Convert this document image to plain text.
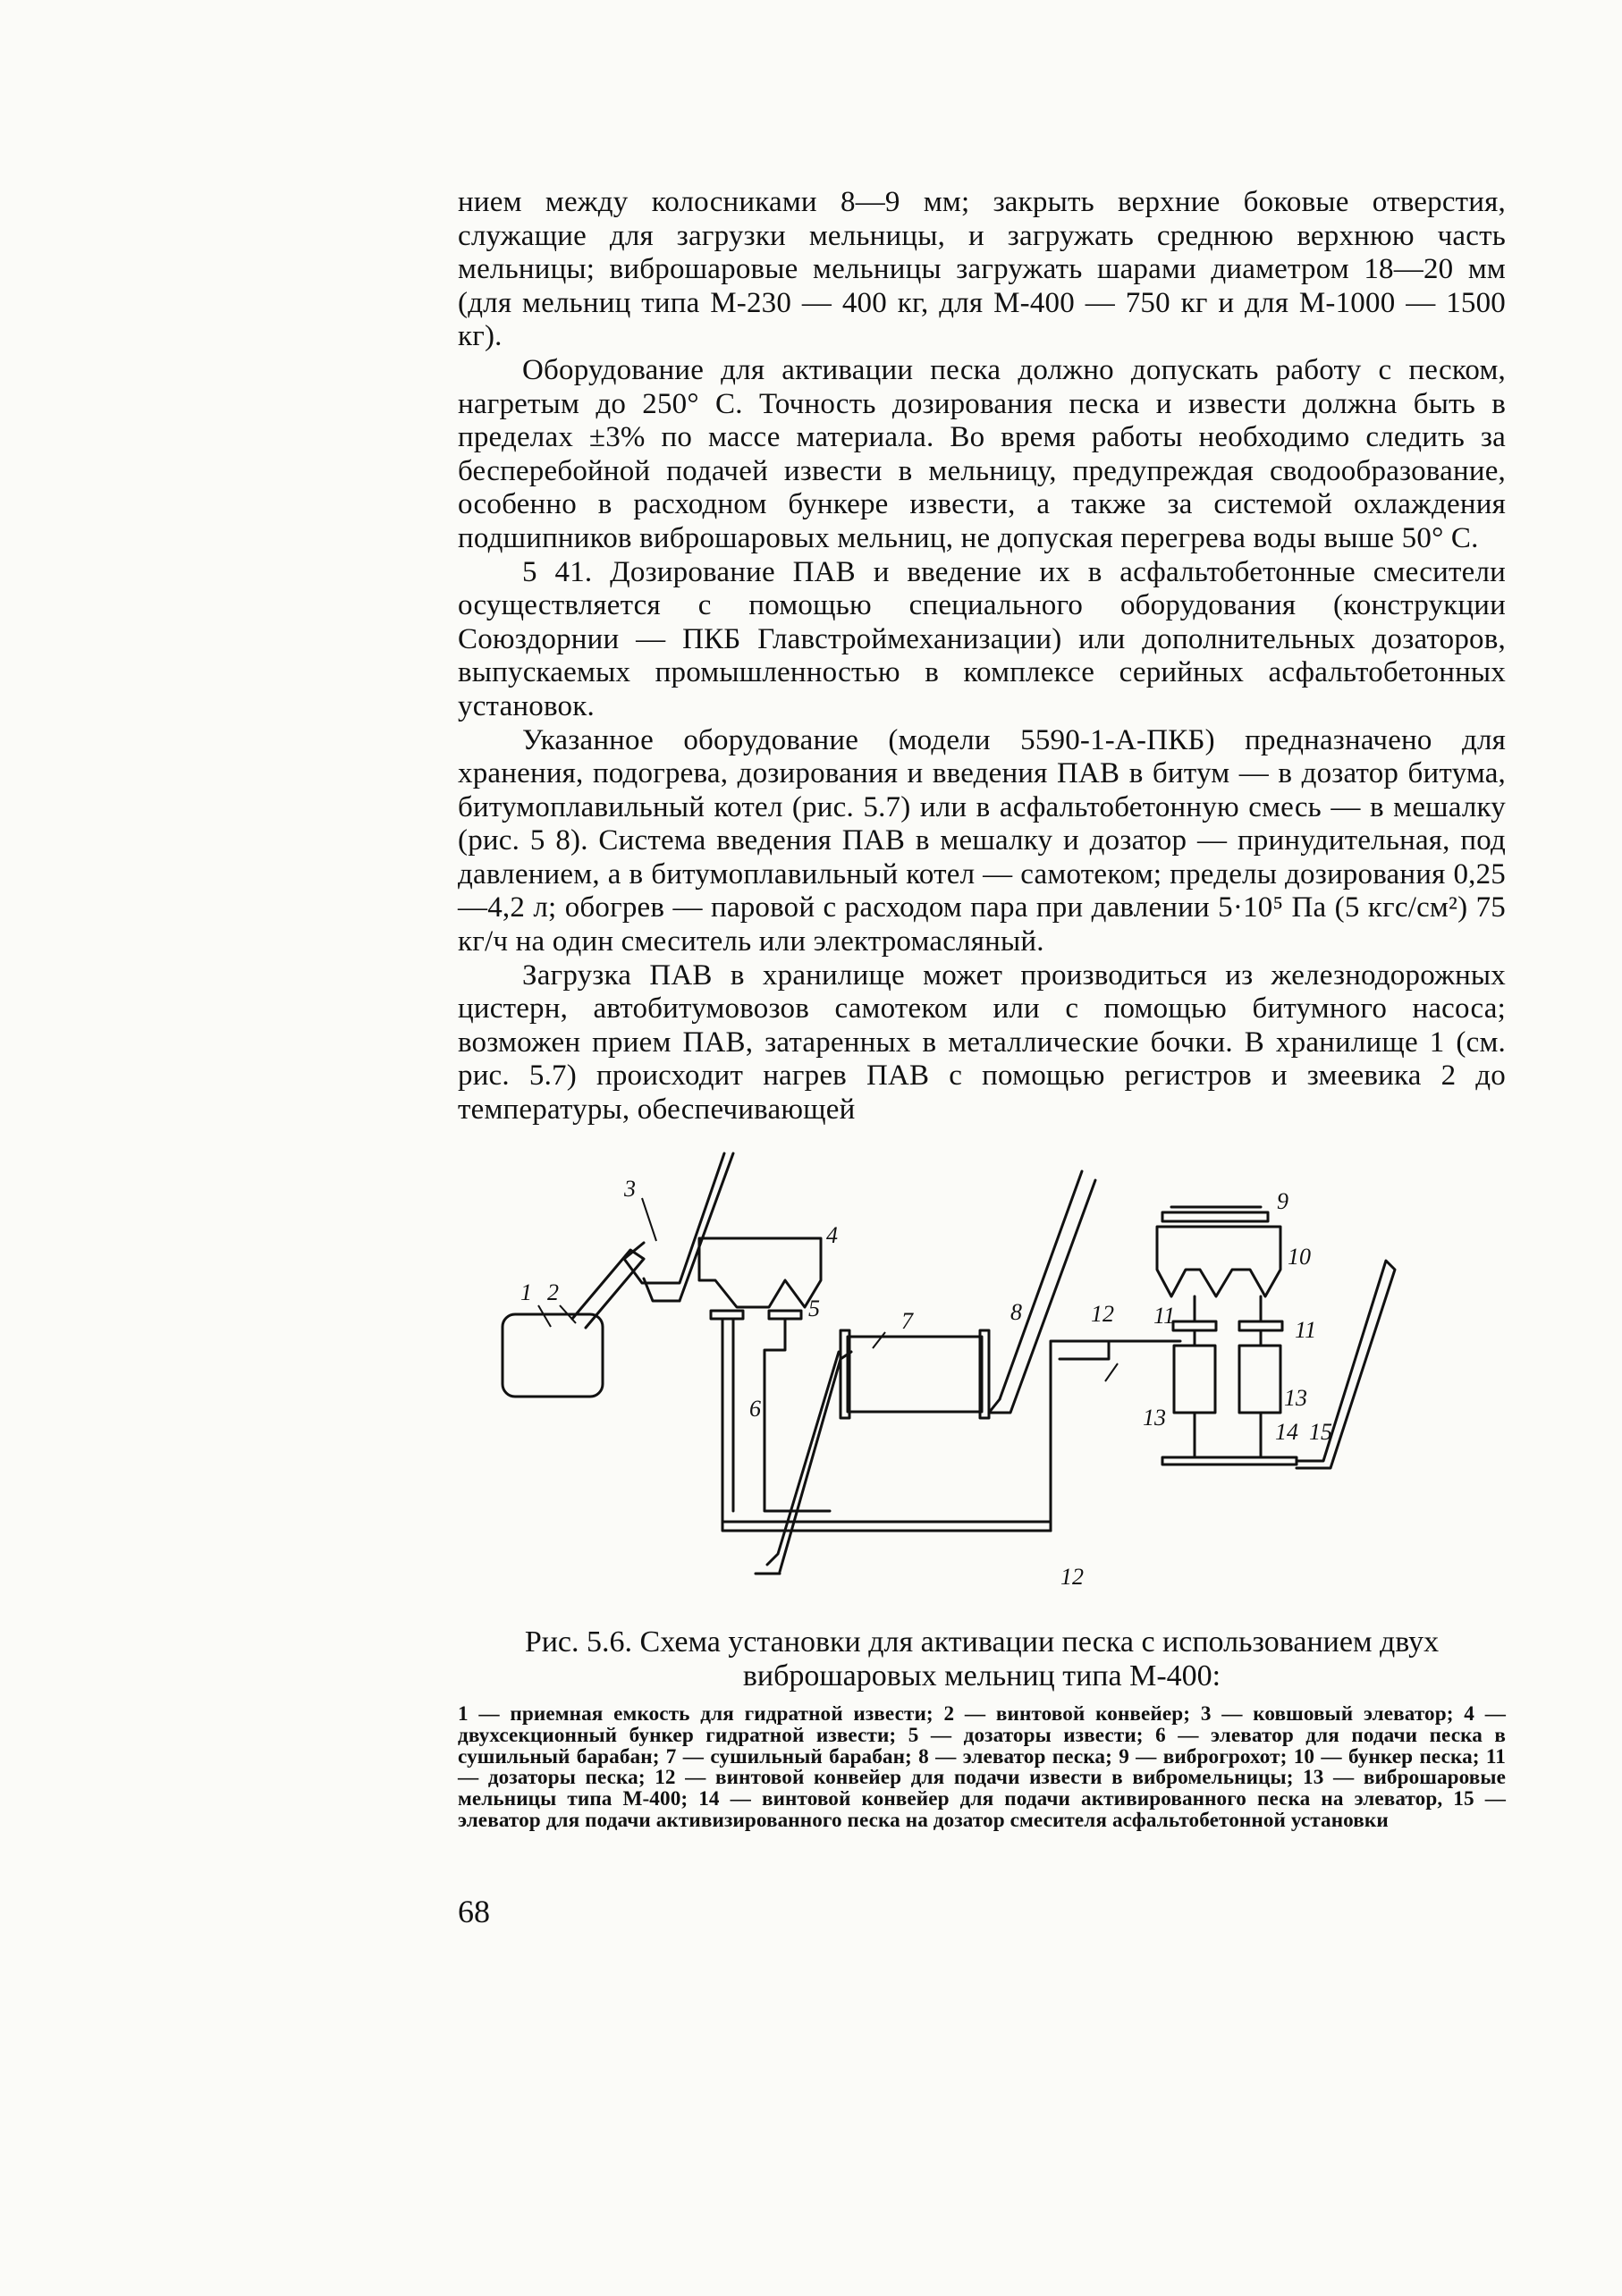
нием между колосниками 8—9 мм; закрыть верхние боковые отверстия, служащие для загрузки мельницы, и загружать среднюю верхнюю часть мельницы; виброшаровые мельницы загружать шарами диаметром 18—20 мм (для мельниц типа М-230 — 400 кг, для М-400 — 750 кг и для М-1000 — 1500 кг).

Оборудование для активации песка должно допускать работу с песком, нагретым до 250° С. Точность дозирования песка и извести должна быть в пределах ±3% по массе материала. Во время работы необходимо следить за бесперебойной подачей извести в мельницу, предупреждая сводообразование, особенно в расходном бункере извести, а также за системой охлаждения подшипников виброшаровых мельниц, не допуская перегрева воды выше 50° С.

5 41. Дозирование ПАВ и введение их в асфальтобетонные смесители осуществляется с помощью специального оборудования (конструкции Союздорнии — ПКБ Главстроймеханизации) или дополнительных дозаторов, выпускаемых промышленностью в комплексе серийных асфальтобетонных установок.

Указанное оборудование (модели 5590-1-А-ПКБ) предназначено для хранения, подогрева, дозирования и введения ПАВ в битум — в дозатор битума, битумоплавильный котел (рис. 5.7) или в асфальтобетонную смесь — в мешалку (рис. 5 8). Система введения ПАВ в мешалку и дозатор — принудительная, под давлением, а в битумоплавильный котел — самотеком; пределы дозирования 0,25—4,2 л; обогрев — паровой с расходом пара при давлении 5·10⁵ Па (5 кгс/см²) 75 кг/ч на один смеситель или электромасляный.

Загрузка ПАВ в хранилище может производиться из железнодорожных цистерн, автобитумовозов самотеком или с помощью битумного насоса; возможен прием ПАВ, затаренных в металлические бочки. В хранилище 1 (см. рис. 5.7) происходит нагрев ПАВ с помощью регистров и змеевика 2 до температуры, обеспечивающей

1 2
3
4
5
6
7	8
9
10
11
11
12
12
13
13
14 15
Рис. 5.6. Схема установки для активации песка с использованием двух виброшаровых мельниц типа М-400:
1 — приемная емкость для гидратной извести; 2 — винтовой конвейер; 3 — ковшовый элеватор; 4 — двухсекционный бункер гидратной извести; 5 — дозаторы извести; 6 — элеватор для подачи песка в сушильный барабан; 7 — сушильный барабан; 8 — элеватор песка; 9 — виброгрохот; 10 — бункер песка; 11 — дозаторы песка; 12 — винтовой конвейер для подачи извести в вибромельницы; 13 — виброшаровые мельницы типа М-400; 14 — винтовой конвейер для подачи активированного песка на элеватор, 15 — элеватор для подачи активизированного песка на дозатор смесителя асфальтобетонной установки
68
